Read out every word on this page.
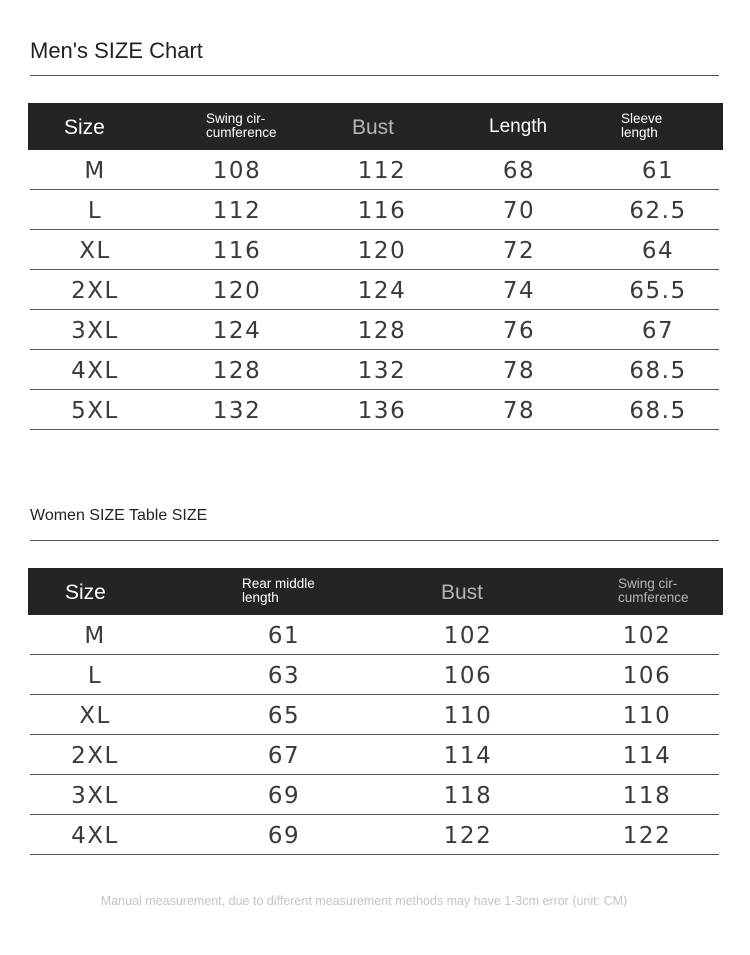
Men's SIZE Chart
Size	Swing cir-cumference	Bust	Length	Sleeve length
M	108	112	68	61
L	112	116	70	62.5
XL	116	120	72	64
2XL	120	124	74	65.5
3XL	124	128	76	67
4XL	128	132	78	68.5
5XL	132	136	78	68.5
Women SIZE Table SIZE
Size	Rear middle length	Bust	Swing cir-cumference
M	61	102	102
L	63	106	106
XL	65	110	110
2XL	67	114	114
3XL	69	118	118
4XL	69	122	122
Manual measurement, due to different measurement methods may have 1-3cm error (unit: CM)
